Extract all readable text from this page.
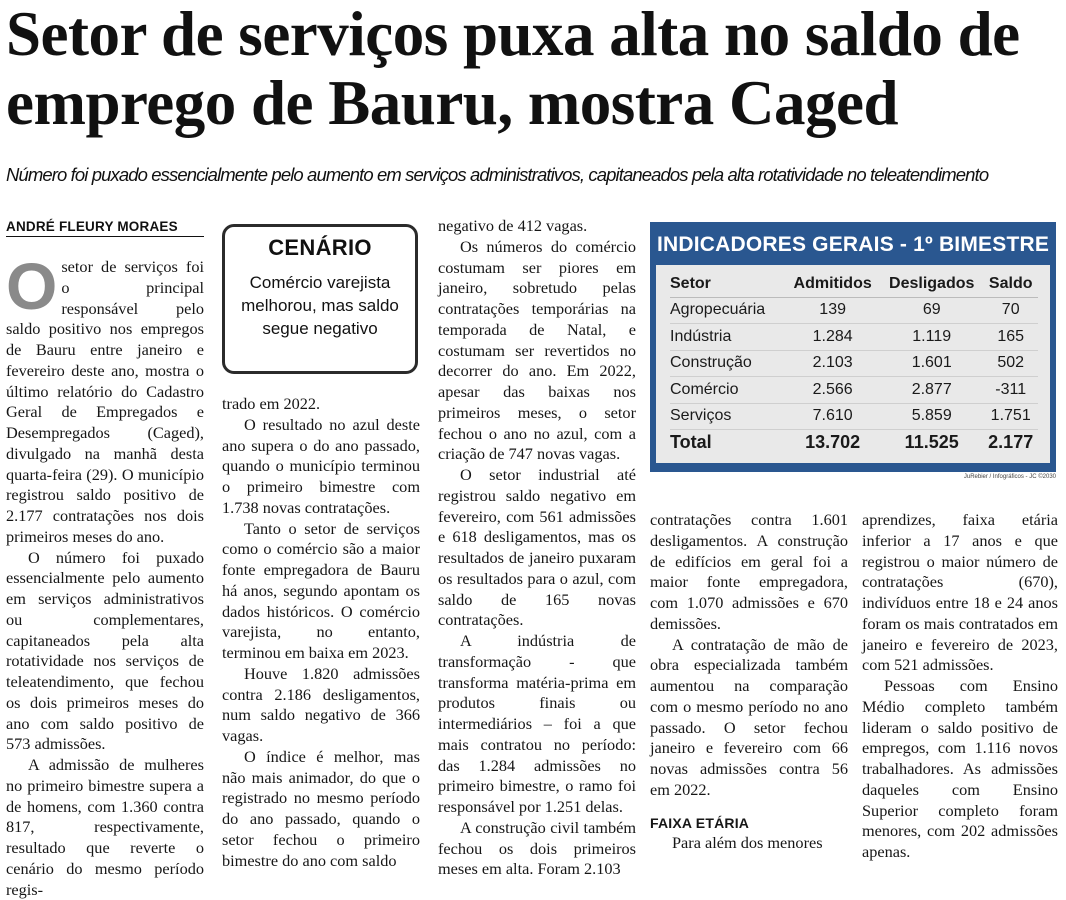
Setor de serviços puxa alta no saldo de emprego de Bauru, mostra Caged

Número foi puxado essencialmente pelo aumento em serviços administrativos, capitaneados pela alta rotatividade no teleatendimento

ANDRÉ FLEURY MORAES
O setor de serviços foi o principal responsável pelo saldo positivo nos empregos de Bauru entre janeiro e fevereiro deste ano, mostra o último relatório do Cadastro Geral de Empregados e Desempregados (Caged), divulgado na manhã desta quarta-feira (29). O município registrou saldo positivo de 2.177 contratações nos dois primeiros meses do ano.

O número foi puxado essencialmente pelo aumento em serviços administrativos ou complementares, capitaneados pela alta rotatividade nos serviços de teleatendimento, que fechou os dois primeiros meses do ano com saldo positivo de 573 admissões.

A admissão de mulheres no primeiro bimestre supera a de homens, com 1.360 contra 817, respectivamente, resultado que reverte o cenário do mesmo período regis-

CENÁRIO
Comércio varejista melhorou, mas saldo segue negativo

trado em 2022.

O resultado no azul deste ano supera o do ano passado, quando o município terminou o primeiro bimestre com 1.738 novas contratações.

Tanto o setor de serviços como o comércio são a maior fonte empregadora de Bauru há anos, segundo apontam os dados históricos. O comércio varejista, no entanto, terminou em baixa em 2023.

Houve 1.820 admissões contra 2.186 desligamentos, num saldo negativo de 366 vagas.

O índice é melhor, mas não mais animador, do que o registrado no mesmo período do ano passado, quando o setor fechou o primeiro bimestre do ano com saldo

negativo de 412 vagas.

Os números do comércio costumam ser piores em janeiro, sobretudo pelas contratações temporárias na temporada de Natal, e costumam ser revertidos no decorrer do ano. Em 2022, apesar das baixas nos primeiros meses, o setor fechou o ano no azul, com a criação de 747 novas vagas.

O setor industrial até registrou saldo negativo em fevereiro, com 561 admissões e 618 desligamentos, mas os resultados de janeiro puxaram os resultados para o azul, com saldo de 165 novas contratações.

A indústria de transformação - que transforma matéria-prima em produtos finais ou intermediários – foi a que mais contratou no período: das 1.284 admissões no primeiro bimestre, o ramo foi responsável por 1.251 delas.

A construção civil também fechou os dois primeiros meses em alta. Foram 2.103

INDICADORES GERAIS - 1º BIMESTRE
Setor	Admitidos	Desligados	Saldo
Agropecuária	139	69	70
Indústria	1.284	1.119	165
Construção	2.103	1.601	502
Comércio	2.566	2.877	-311
Serviços	7.610	5.859	1.751
Total	13.702	11.525	2.177
JuRebier / Infográficos - JC ©2030

contratações contra 1.601 desligamentos. A construção de edifícios em geral foi a maior fonte empregadora, com 1.070 admissões e 670 demissões.

A contratação de mão de obra especializada também aumentou na comparação com o mesmo período no ano passado. O setor fechou janeiro e fevereiro com 66 novas admissões contra 56 em 2022.

FAIXA ETÁRIA

Para além dos menores

aprendizes, faixa etária inferior a 17 anos e que registrou o maior número de contratações (670), indivíduos entre 18 e 24 anos foram os mais contratados em janeiro e fevereiro de 2023, com 521 admissões.

Pessoas com Ensino Médio completo também lideram o saldo positivo de empregos, com 1.116 novos trabalhadores. As admissões daqueles com Ensino Superior completo foram menores, com 202 admissões apenas.
